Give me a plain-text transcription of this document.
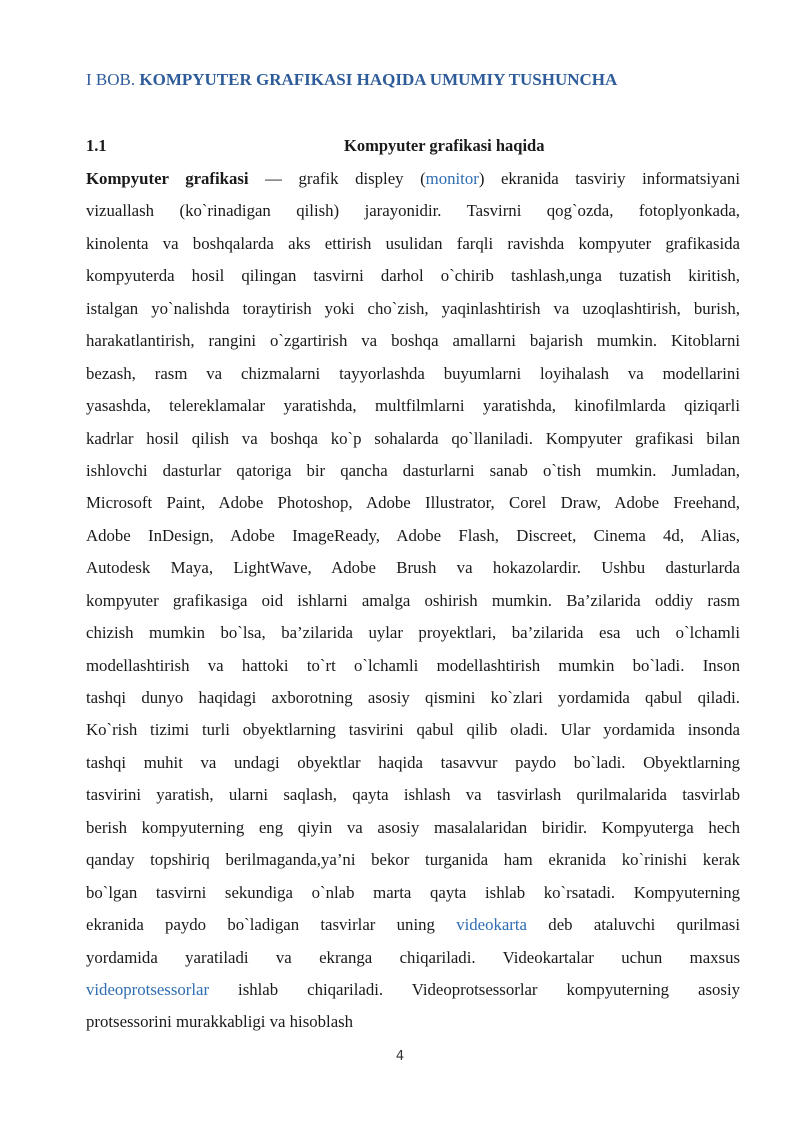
I BOB. KOMPYUTER GRAFIKASI HAQIDA UMUMIY TUSHUNCHA
1.1	Kompyuter grafikasi haqida
Kompyuter grafikasi — grafik displey (monitor) ekranida tasviriy informatsiyani
vizuallash (ko`rinadigan qilish) jarayonidir. Tasvirni qog`ozda, fotoplyonkada,
kinolenta va boshqalarda aks ettirish usulidan farqli ravishda kompyuter grafikasida
kompyuterda hosil qilingan tasvirni darhol o`chirib tashlash,unga tuzatish kiritish,
istalgan yo`nalishda toraytirish yoki cho`zish, yaqinlashtirish va uzoqlashtirish, burish,
harakatlantirish, rangini o`zgartirish va boshqa amallarni bajarish mumkin. Kitoblarni
bezash, rasm va chizmalarni tayyorlashda buyumlarni loyihalash va modellarini
yasashda, telereklamalar yaratishda, multfilmlarni yaratishda, kinofilmlarda qiziqarli
kadrlar hosil qilish va boshqa ko`p sohalarda qo`llaniladi. Kompyuter grafikasi bilan
ishlovchi dasturlar qatoriga bir qancha dasturlarni sanab o`tish mumkin. Jumladan,
Microsoft Paint, Adobe Photoshop, Adobe Illustrator, Corel Draw, Adobe Freehand,
Adobe InDesign, Adobe ImageReady, Adobe Flash, Discreet, Cinema 4d, Alias,
Autodesk Maya, LightWave, Adobe Brush va hokazolardir. Ushbu dasturlarda
kompyuter grafikasiga oid ishlarni amalga oshirish mumkin. Ba’zilarida oddiy rasm
chizish mumkin bo`lsa, ba’zilarida uylar proyektlari, ba’zilarida esa uch o`lchamli
modellashtirish va hattoki to`rt o`lchamli modellashtirish mumkin bo`ladi. Inson
tashqi dunyo haqidagi axborotning asosiy qismini ko`zlari yordamida qabul qiladi.
Ko`rish tizimi turli obyektlarning tasvirini qabul qilib oladi. Ular yordamida insonda
tashqi muhit va undagi obyektlar haqida tasavvur paydo bo`ladi. Obyektlarning
tasvirini yaratish, ularni saqlash, qayta ishlash va tasvirlash qurilmalarida tasvirlab
berish kompyuterning eng qiyin va asosiy masalalaridan biridir. Kompyuterga hech
qanday topshiriq berilmaganda,ya’ni bekor turganida ham ekranida ko`rinishi kerak
bo`lgan tasvirni sekundiga o`nlab marta qayta ishlab ko`rsatadi. Kompyuterning
ekranida paydo bo`ladigan tasvirlar uning videokarta deb ataluvchi qurilmasi
yordamida yaratiladi va ekranga chiqariladi. Videokartalar uchun maxsus
videoprotsessorlar ishlab chiqariladi. Videoprotsessorlar kompyuterning asosiy
protsessorini murakkabligi va hisoblash
4
